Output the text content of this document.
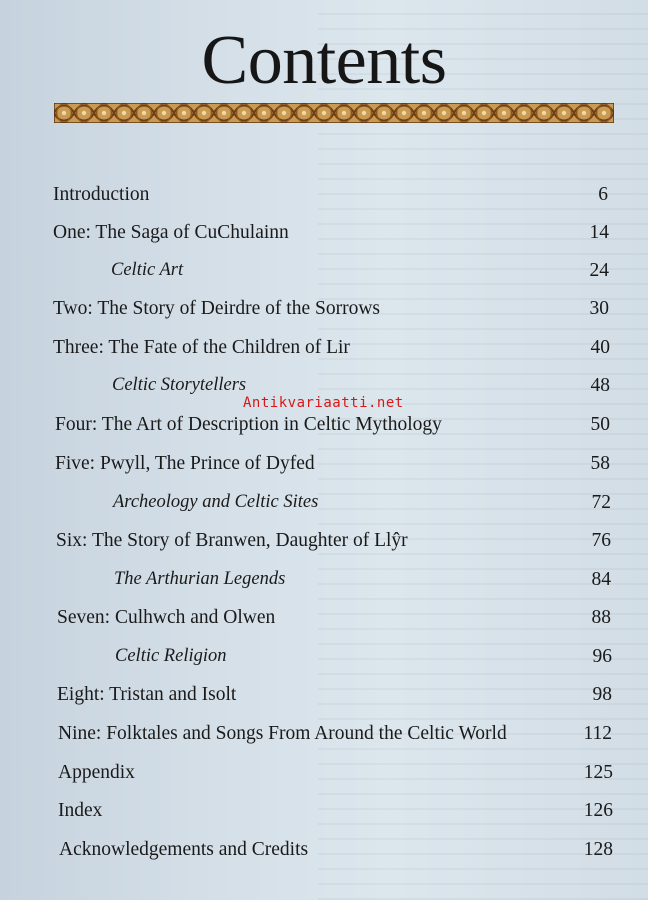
Contents
Introduction	6
One: The Saga of CuChulainn	14
Celtic Art	24
Two: The Story of Deirdre of the Sorrows	30
Three: The Fate of the Children of Lir	40
Celtic Storytellers	48
Four: The Art of Description in Celtic Mythology	50
Five: Pwyll, The Prince of Dyfed	58
Archeology and Celtic Sites	72
Six: The Story of Branwen, Daughter of Llŷr	76
The Arthurian Legends	84
Seven: Culhwch and Olwen	88
Celtic Religion	96
Eight: Tristan and Isolt	98
Nine: Folktales and Songs From Around the Celtic World	112
Appendix	125
Index	126
Acknowledgements and Credits	128
Antikvariaatti.net
